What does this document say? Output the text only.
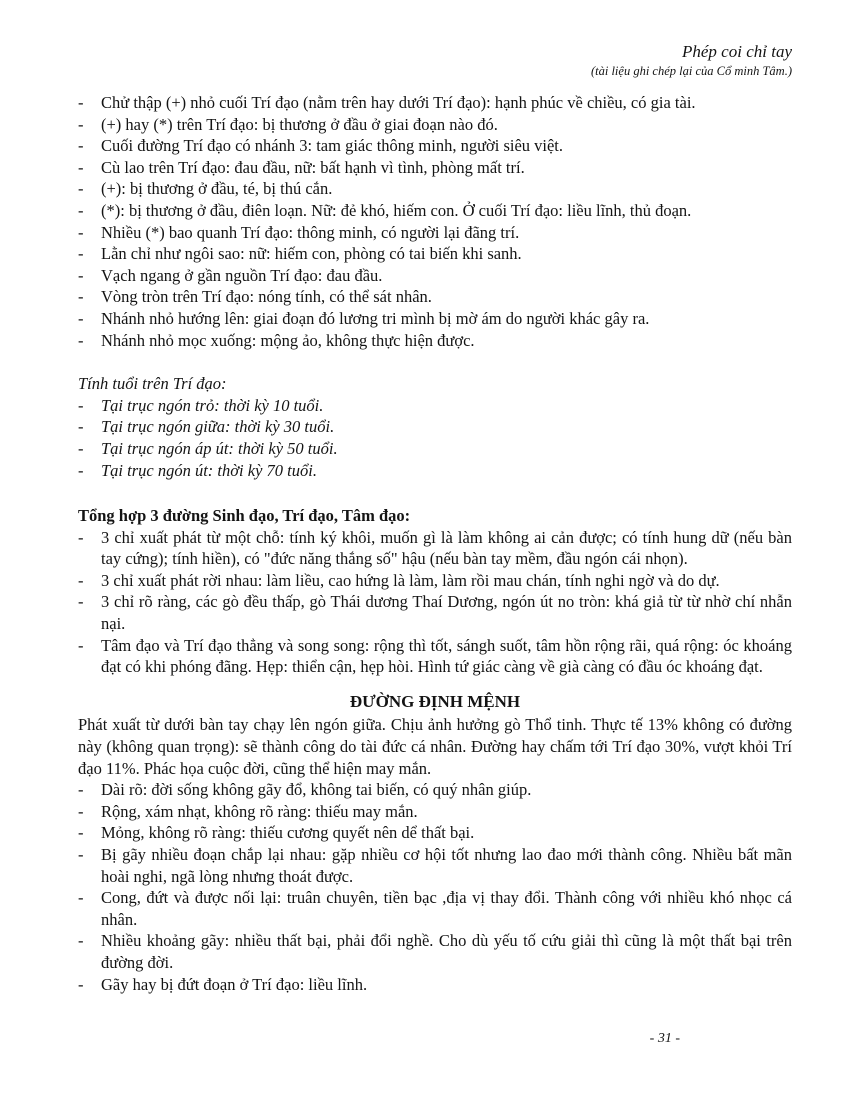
Phép coi chỉ tay
(tài liệu ghi chép lại của Cổ minh Tâm.)
-	Chử thập (+) nhỏ cuối Trí đạo (nằm trên hay dưới Trí đạo): hạnh phúc về chiều, có gia tài.
-	(+) hay (*) trên Trí đạo: bị thương ở đầu ở giai đoạn nào đó.
-	Cuối đường Trí đạo có nhánh 3: tam giác thông minh, người siêu việt.
-	Cù lao trên Trí đạo: đau đầu, nữ: bất hạnh vì tình, phòng mất trí.
-	(+): bị thương ở đầu, té, bị thú cắn.
-	(*): bị thương ở đầu, điên loạn. Nữ: đẻ khó, hiếm con. Ở cuối Trí đạo: liều lĩnh, thủ đoạn.
-	Nhiều (*) bao quanh Trí đạo: thông minh, có người lại đãng trí.
-	Lằn chỉ như ngôi sao: nữ: hiếm con, phòng có tai biến khi sanh.
-	Vạch ngang ở gần nguồn Trí đạo: đau đầu.
-	Vòng tròn trên Trí đạo: nóng tính, có thể sát nhân.
-	Nhánh nhỏ hướng lên: giai đoạn đó lương tri mình bị mờ ám do người khác gây ra.
-	Nhánh nhỏ mọc xuống: mộng ảo, không thực hiện được.
Tính tuổi trên Trí đạo:
-	Tại trục ngón trỏ: thời kỳ 10 tuổi.
-	Tại trục ngón giữa: thời kỳ 30 tuổi.
-	Tại trục ngón áp út: thời kỳ 50 tuổi.
-	Tại trục ngón út: thời kỳ 70 tuổi.
Tổng hợp 3 đường Sinh đạo, Trí đạo, Tâm đạo:
-	3 chỉ xuất phát từ một chỗ: tính ký khôi, muốn gì là làm không ai cản được; có tính hung dữ (nếu bàn tay cứng); tính hiền), có "đức năng thắng số" hậu (nếu bàn tay mềm, đầu ngón cái nhọn).
-	3 chỉ xuất phát rời nhau: làm liều, cao hứng là làm, làm rồi mau chán, tính nghi ngờ và do dự.
-	3 chỉ rõ ràng, các gò đều thấp, gò Thái dương Thaí Dương, ngón út no tròn: khá giả từ từ nhờ chí nhẫn nại.
-	Tâm đạo và Trí đạo thẳng và song song: rộng thì tốt, sángh suốt, tâm hồn rộng rãi, quá rộng: óc khoáng đạt có khi phóng đãng. Hẹp: thiển cận, hẹp hòi. Hình tứ giác càng về già càng có đầu óc khoáng đạt.
ĐƯỜNG ĐỊNH MỆNH
Phát xuất từ dưới bàn tay chạy lên ngón giữa. Chịu ảnh hưởng gò Thổ tinh. Thực tế 13% không có đường này (không quan trọng): sẽ thành công do tài đức cá nhân. Đường hay chấm tới Trí đạo 30%, vượt khỏi Trí đạo 11%. Phác họa cuộc đời, cũng thể hiện may mắn.
-	Dài rõ: đời sống không gãy đổ, không tai biến, có quý nhân giúp.
-	Rộng, xám nhạt, không rõ ràng: thiếu may mắn.
-	Mỏng, không rõ ràng: thiếu cương quyết nên dể thất bại.
-	Bị gãy nhiều đoạn chắp lại nhau: gặp nhiều cơ hội tốt nhưng lao đao mới thành công. Nhiều bất mãn hoài nghi, ngã lòng nhưng thoát được.
-	Cong, đứt và được nối lại: truân chuyên, tiền bạc ,địa vị thay đổi. Thành công với nhiều khó nhọc cá nhân.
-	Nhiều khoảng gãy: nhiều thất bại, phải đổi nghề. Cho dù yếu tố cứu giải thì cũng là một thất bại trên đường đời.
-	Gãy hay bị đứt đoạn ở Trí đạo: liều lĩnh.
- 31 -
